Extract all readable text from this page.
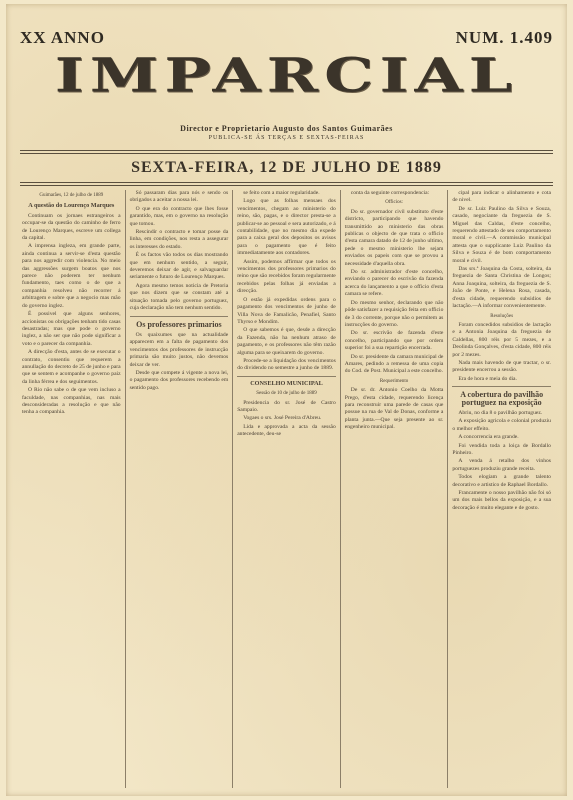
XX ANNO	NUM. 1.409
IMPARCIAL
Director e Proprietario Augusto dos Santos Guimarães
PUBLICA-SE ÁS TERÇAS E SEXTAS-FEIRAS
SEXTA-FEIRA, 12 DE JULHO DE 1889

Guimarães, 12 de julho de 1889

A questão do Lourenço Marques

Continuam os jornaes estrangeiros a occupar-se da questão do caminho de ferro de Lourenço Marques, escreve um collega da capital.

A imprensa ingleza, em grande parte, ainda continua a servir-se d'esta questão para nos aggredir com violencia. No meio das aggressões surgem boatos que nos parece não poderem ter nenhum fundamento, taes como o de que a companhia resolveu não recorrer á arbitragem e sobre que a negocio mas mão do governo inglez.

É possivel que alguns senhores, accionistas ou obrigações tenham tido casas desastradas; mas que pode o governo inglez, a não ser que não pode significar a voto e o parecer da companhia.

A direcção d'esta, antes de se executar o contrato, consentiu que requerem a annullação do decreto de 25 de junho e para que se sentem e acompanhe o governo paiz da linha férrea e dos seguimentos.

O Rio não sabe o de que vem incluso a faculdade, nas companhias, nas mais desconsideradas a resolução e que não tenha a companhia.

Só passaram dias para nós e sendo os obrigados a aceitar a nossa lei.

O que era do contracto que lhes fosse garantido, mas, em o governo na resolução que tomou.

Rescindir o contracto e tomar posse da linha, em condições, nos resta a assegurar os interesses do estado.

É os factos vão todos os dias mostrando que em nenhum sentido, a seguir, deveremos deixar de agir, e salvaguardar seriamente o futuro de Lourenço Marques.

Agora mesmo temos noticia de Pretoria que nos dizem que se constam até a situação tomada pelo governo portuguez, cuja declaração não tem nenhum sentido.

Os professores primarios

Os quaixumes que na actualidade apparecem em a falta de pagamento dos vencimentos dos professores de instrucção primaria são muito justos, não devemos deixar de ver.

Desde que compete á vigente a nova lei, o pagamento dos professores recebendo em sentido pago.

se feito com a maior regularidade.

Logo que as folhas mensaes dos vencimentos, chegam ao ministerio do reino, são, pagas, e o director presta-se a publicar-se ao pessoal e sera autorizado, e á contabilidade, que no mesmo dia expede para a caixa geral dos depositos os avisos para o pagamento que é feito immediatamente aos contadores.

Assim, podemos affirmar que todos os vencimentos dos professores primarios do reino que são recebidos foram regularmente recebidos pelas folhas já enviadas a direcção.

O estão já expedidas ordens para o pagamento dos vencimentos de junho de Villa Nova de Famalicão, Penafiel, Santo Thyrso e Mondim.

O que sabemos é que, desde a direcção da Fazenda, não ha nenhum atraso de pagamento, e os professores não têm razão alguma para se queixarem do governo.

Procede-se a liquidação dos vencimentos do dividendo no semestre a junho de 1889.

CONSELHO MUNICIPAL

Sessão de 10 de julho de 1889

Presidencia do sr. José de Castro Sampaio.

Vogaes o srs. José Pereira d'Abreu.

Lida e approvada a acta da sessão antecedente, deu-se

conta da seguinte correspondencia:

Officios:

Do sr. governador civil substituto d'este districto, participando que havendo transmittido ao ministerio das obras publicas o objecto de que trata o officio d'esta camara datado de 12 de junho ultimo, pede o mesmo ministerio lhe sejam enviados os papeis com que se provou a necessidade d'aquella obra.

Do sr. administrador d'este concelho, enviando o parecer do escrivão da fazenda acerca do lançamento a que o officio d'esta camara se refere.

Do mesmo senhor, declarando que não pôde satisfazer a requisição feita em officio de 3 do corrente, porque não o permitem as instrucções do governo.

Do sr. escrivão de fazenda d'este concelho, participando que por ordem superior foi a sua repartição encerrada.

Do sr. presidente da camara municipal de Amares, pedindo a remessa de uma copia do Cod. de Post. Municipal a este concelho.

Requerimento

De sr. dr. Antonio Coelho da Motta Prego, d'esta cidade, requerendo licença para reconstruir uma parede de casas que possue na rua de Val de Donas, conforme a planta junta.—Que seja presente ao sr. engenheiro municipal.

cipal para indicar o alinhamento e cota de nivel.

De sr. Luiz Paulino da Silva e Souza, casado, negociante da freguezia de S. Miguel das Caldas, d'este concelho, requerendo attestado de seu comportamento moral e civil.—A commissão municipal attesta que o supplicante Luiz Paulino da Silva e Souza é de bom comportamento moral e civil.

Das srs.ª Joaquina da Costa, solteira, da freguezia de Santa Christina de Longos; Anna Joaquina, solteira, da freguezia de S. João de Ponte, e Helena Rosa, casada, d'esta cidade, requerendo subsidios de lactação.—A informar convenientemente.

Resoluções

Foram concedidos subsidios de lactação e a Antonia Joaquina da freguezia de Caldellas, 800 réis por 5 mezes, e a Deolinda Gonçalves, d'esta cidade, 800 réis por 2 mezes.

Nada mais havendo de que tractar, o sr. presidente encerrou a sessão.

Era de hora e meia do dia.

A cobertura do pavilhão portuguez na exposição

Abriu, no dia 8 o pavilhão portuguez.

A exposição agricola e colonial produziu o melhor effeito.

A concorrencia era grande.

Foi vendida toda a loiça de Bordallo Pinheiro.

A venda á retalho dos vinhos portuguezes produziu grande receita.

Todos elogiam a grande talento decorativo e artistico de Raphael Bordallo.

Francamente o nosso pavilhão não foi só um dos mais bellos da exposição, e a sua decoração é muito elegante e de gosto.
